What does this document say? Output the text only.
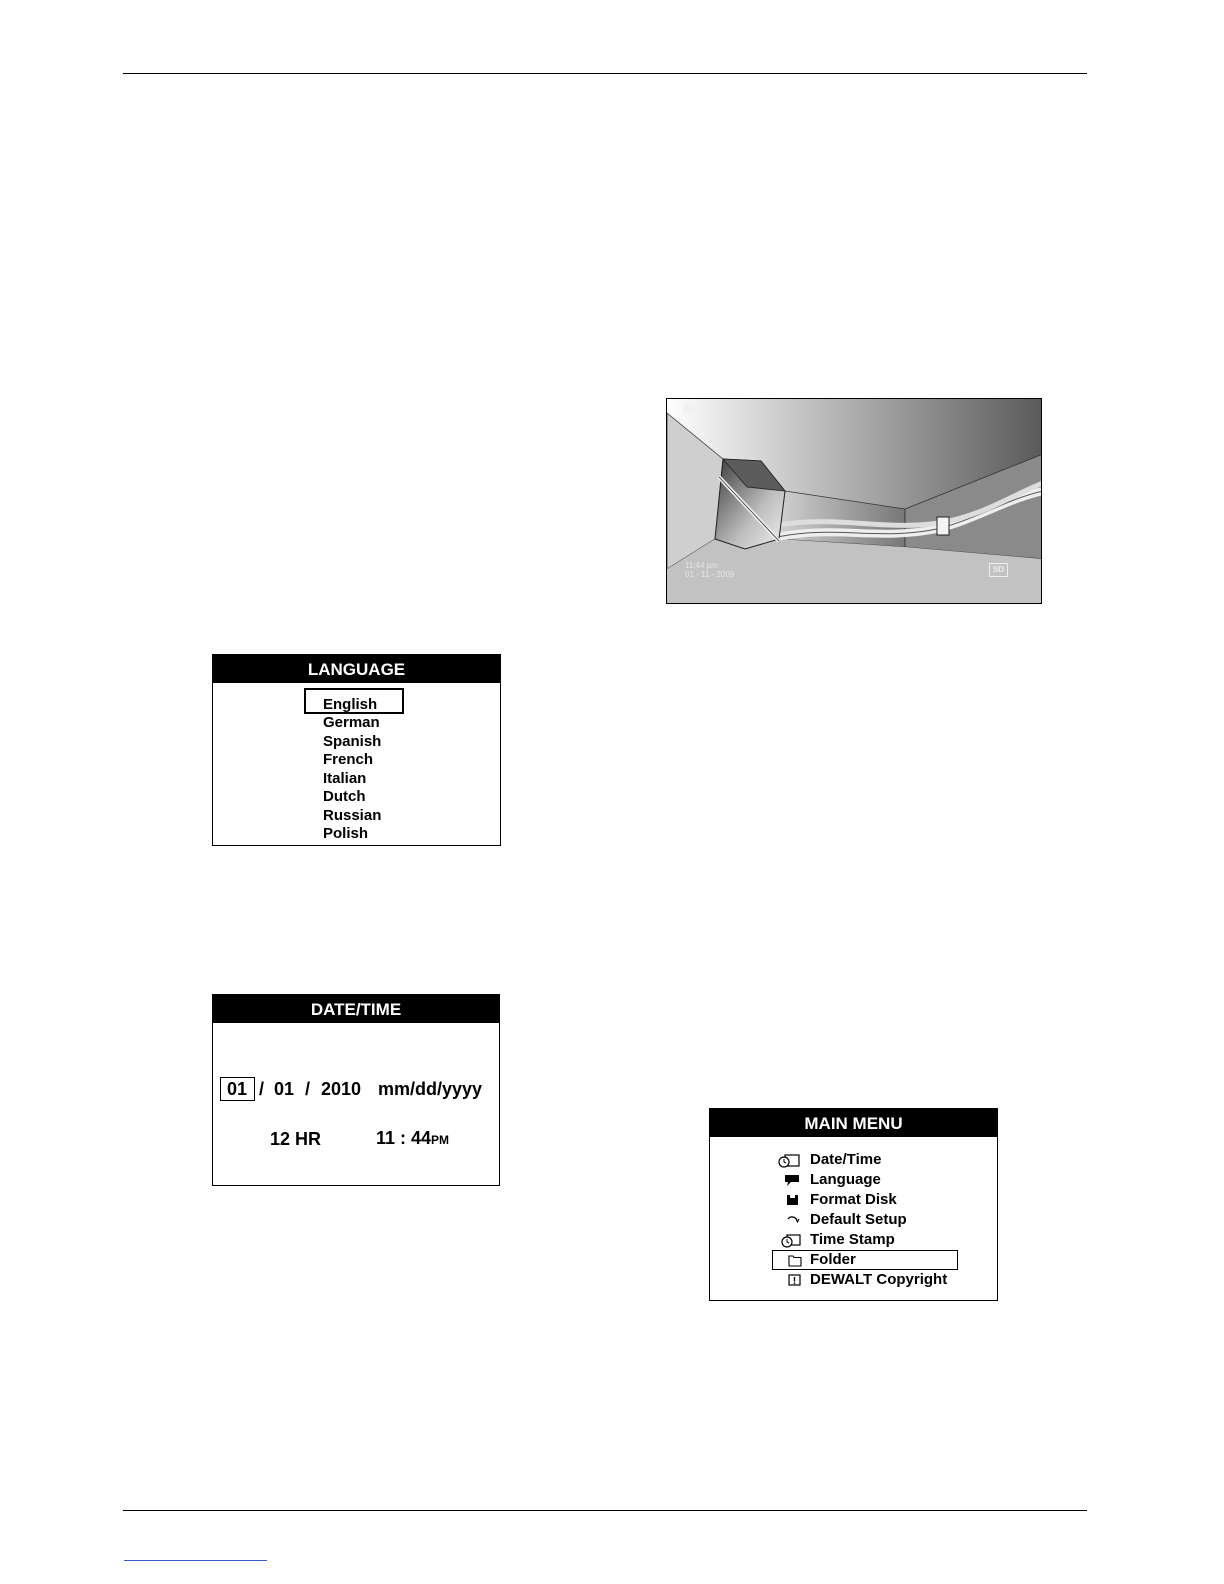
11:44 pm
01 - 11 - 2009
SD
LANGUAGE
English
German
Spanish
French
Italian
Dutch
Russian
Polish
DATE/TIME
01 / 01 / 2010 mm/dd/yyyy
12 HR	11 : 44PM
MAIN MENU
Date/Time
Language
Format Disk
Default Setup
Time Stamp
Folder
DEWALT Copyright
